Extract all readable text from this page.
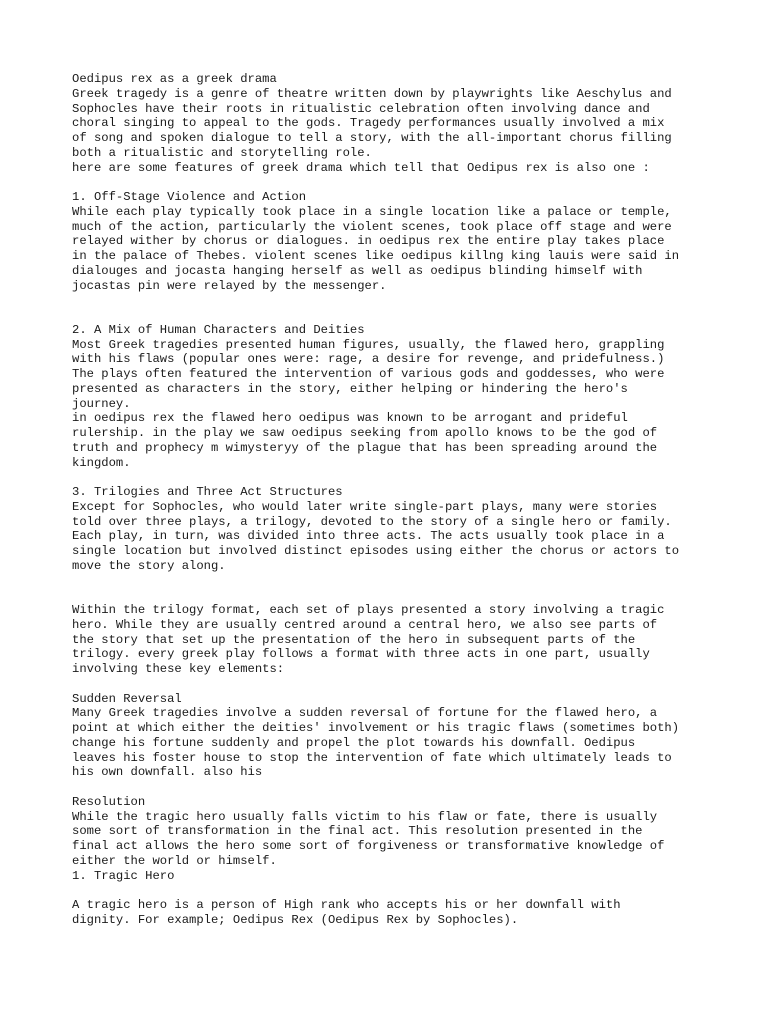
Oedipus rex as a greek drama
Greek tragedy is a genre of theatre written down by playwrights like Aeschylus and
Sophocles have their roots in ritualistic celebration often involving dance and
choral singing to appeal to the gods. Tragedy performances usually involved a mix
of song and spoken dialogue to tell a story, with the all-important chorus filling
both a ritualistic and storytelling role.
here are some features of greek drama which tell that Oedipus rex is also one :
1. Off-Stage Violence and Action
While each play typically took place in a single location like a palace or temple,
much of the action, particularly the violent scenes, took place off stage and were
relayed wither by chorus or dialogues. in oedipus rex the entire play takes place
in the palace of Thebes. violent scenes like oedipus killng king lauis were said in
dialouges and jocasta hanging herself as well as oedipus blinding himself with
jocastas pin were relayed by the messenger.
2. A Mix of Human Characters and Deities
Most Greek tragedies presented human figures, usually, the flawed hero, grappling
with his flaws (popular ones were: rage, a desire for revenge, and pridefulness.)
The plays often featured the intervention of various gods and goddesses, who were
presented as characters in the story, either helping or hindering the hero's
journey.
in oedipus rex the flawed hero oedipus was known to be arrogant and prideful
rulership. in the play we saw oedipus seeking from apollo knows to be the god of
truth and prophecy m wimysteryy of the plague that has been spreading around the
kingdom.
3. Trilogies and Three Act Structures
Except for Sophocles, who would later write single-part plays, many were stories
told over three plays, a trilogy, devoted to the story of a single hero or family.
Each play, in turn, was divided into three acts. The acts usually took place in a
single location but involved distinct episodes using either the chorus or actors to
move the story along.
Within the trilogy format, each set of plays presented a story involving a tragic
hero. While they are usually centred around a central hero, we also see parts of
the story that set up the presentation of the hero in subsequent parts of the
trilogy. every greek play follows a format with three acts in one part, usually
involving these key elements:
Sudden Reversal
Many Greek tragedies involve a sudden reversal of fortune for the flawed hero, a
point at which either the deities' involvement or his tragic flaws (sometimes both)
change his fortune suddenly and propel the plot towards his downfall. Oedipus
leaves his foster house to stop the intervention of fate which ultimately leads to
his own downfall. also his
Resolution
While the tragic hero usually falls victim to his flaw or fate, there is usually
some sort of transformation in the final act. This resolution presented in the
final act allows the hero some sort of forgiveness or transformative knowledge of
either the world or himself.
1. Tragic Hero
A tragic hero is a person of High rank who accepts his or her downfall with
dignity. For example; Oedipus Rex (Oedipus Rex by Sophocles).
